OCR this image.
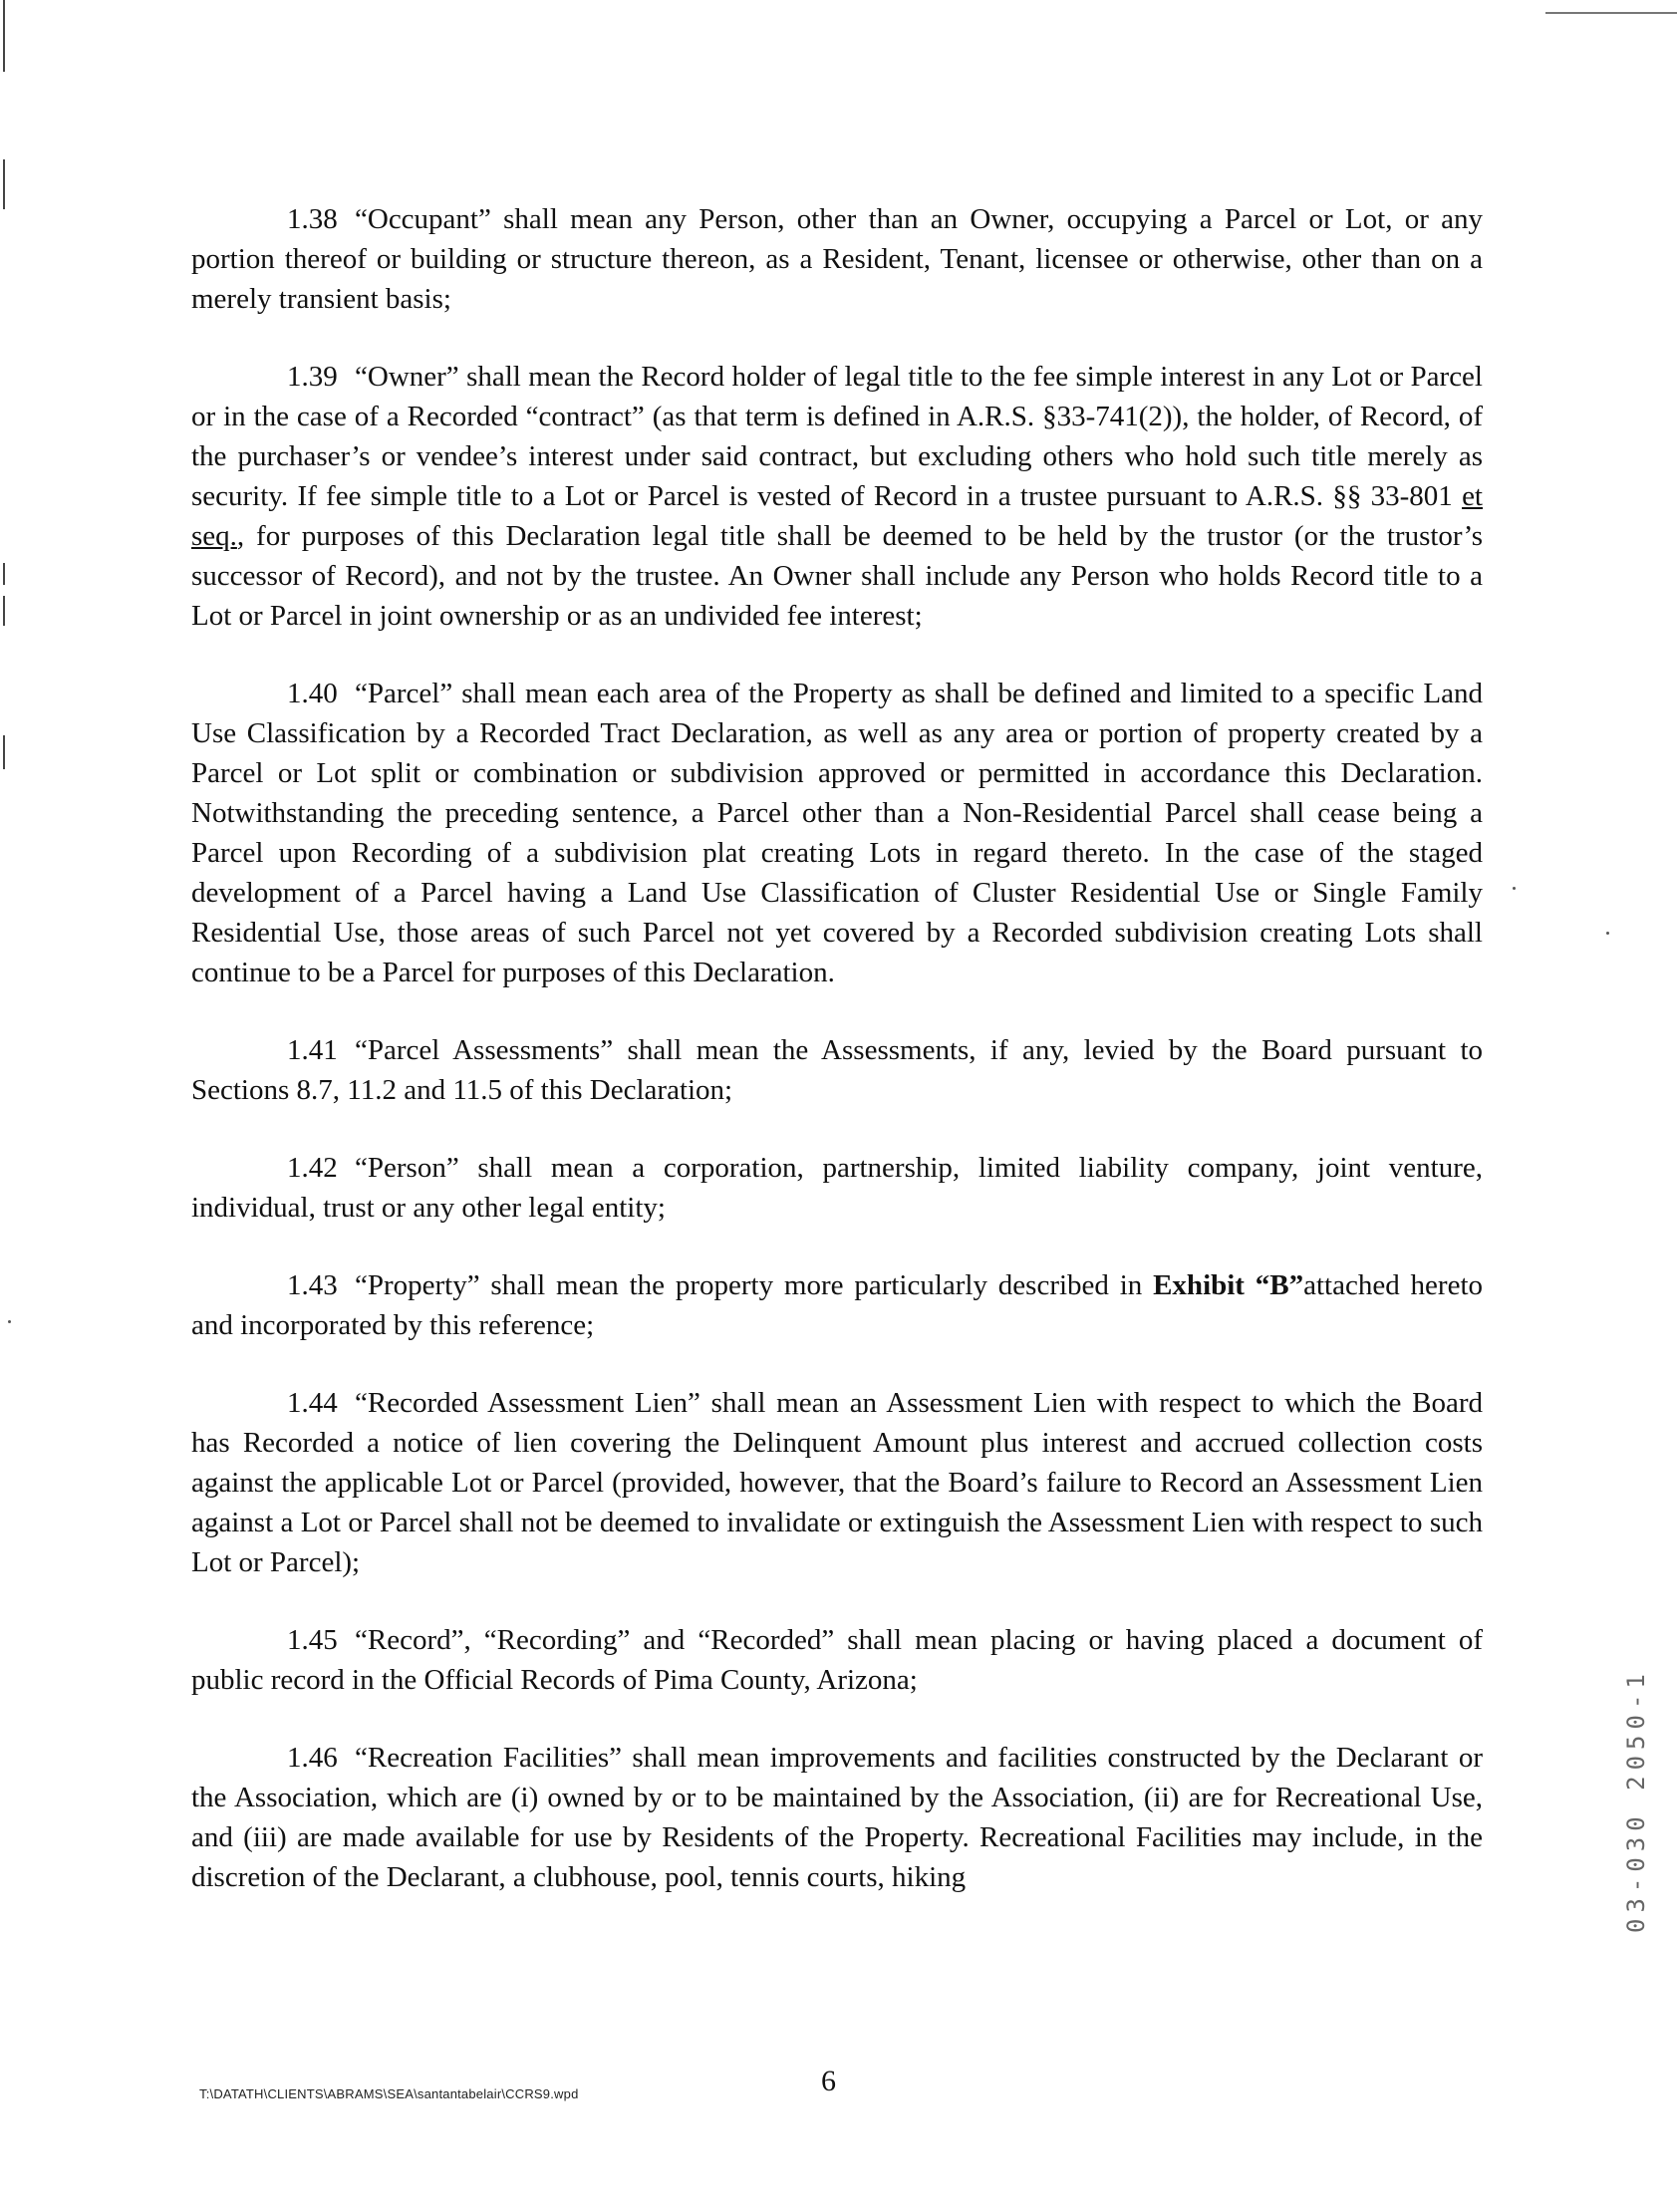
1.38 “Occupant” shall mean any Person, other than an Owner, occupying a Parcel or Lot, or any portion thereof or building or structure thereon, as a Resident, Tenant, licensee or otherwise, other than on a merely transient basis;

1.39 “Owner” shall mean the Record holder of legal title to the fee simple interest in any Lot or Parcel or in the case of a Recorded “contract” (as that term is defined in A.R.S. §33-741(2)), the holder, of Record, of the purchaser’s or vendee’s interest under said contract, but excluding others who hold such title merely as security. If fee simple title to a Lot or Parcel is vested of Record in a trustee pursuant to A.R.S. §§ 33-801 et seq., for purposes of this Declaration legal title shall be deemed to be held by the trustor (or the trustor’s successor of Record), and not by the trustee. An Owner shall include any Person who holds Record title to a Lot or Parcel in joint ownership or as an undivided fee interest;

1.40 “Parcel” shall mean each area of the Property as shall be defined and limited to a specific Land Use Classification by a Recorded Tract Declaration, as well as any area or portion of property created by a Parcel or Lot split or combination or subdivision approved or permitted in accordance this Declaration. Notwithstanding the preceding sentence, a Parcel other than a Non-Residential Parcel shall cease being a Parcel upon Recording of a subdivision plat creating Lots in regard thereto. In the case of the staged development of a Parcel having a Land Use Classification of Cluster Residential Use or Single Family Residential Use, those areas of such Parcel not yet covered by a Recorded subdivision creating Lots shall continue to be a Parcel for purposes of this Declaration.

1.41 “Parcel Assessments” shall mean the Assessments, if any, levied by the Board pursuant to Sections 8.7, 11.2 and 11.5 of this Declaration;

1.42 “Person” shall mean a corporation, partnership, limited liability company, joint venture, individual, trust or any other legal entity;

1.43 “Property” shall mean the property more particularly described in Exhibit “B”attached hereto and incorporated by this reference;

1.44 “Recorded Assessment Lien” shall mean an Assessment Lien with respect to which the Board has Recorded a notice of lien covering the Delinquent Amount plus interest and accrued collection costs against the applicable Lot or Parcel (provided, however, that the Board’s failure to Record an Assessment Lien against a Lot or Parcel shall not be deemed to invalidate or extinguish the Assessment Lien with respect to such Lot or Parcel);

1.45 “Record”, “Recording” and “Recorded” shall mean placing or having placed a document of public record in the Official Records of Pima County, Arizona;

1.46 “Recreation Facilities” shall mean improvements and facilities constructed by the Declarant or the Association, which are (i) owned by or to be maintained by the Association, (ii) are for Recreational Use, and (iii) are made available for use by Residents of the Property. Recreational Facilities may include, in the discretion of the Declarant, a clubhouse, pool, tennis courts, hiking	03-030 2050-1
T:\DATATH\CLIENTS\ABRAMS\SEA\santantabelair\CCRS9.wpd	6
